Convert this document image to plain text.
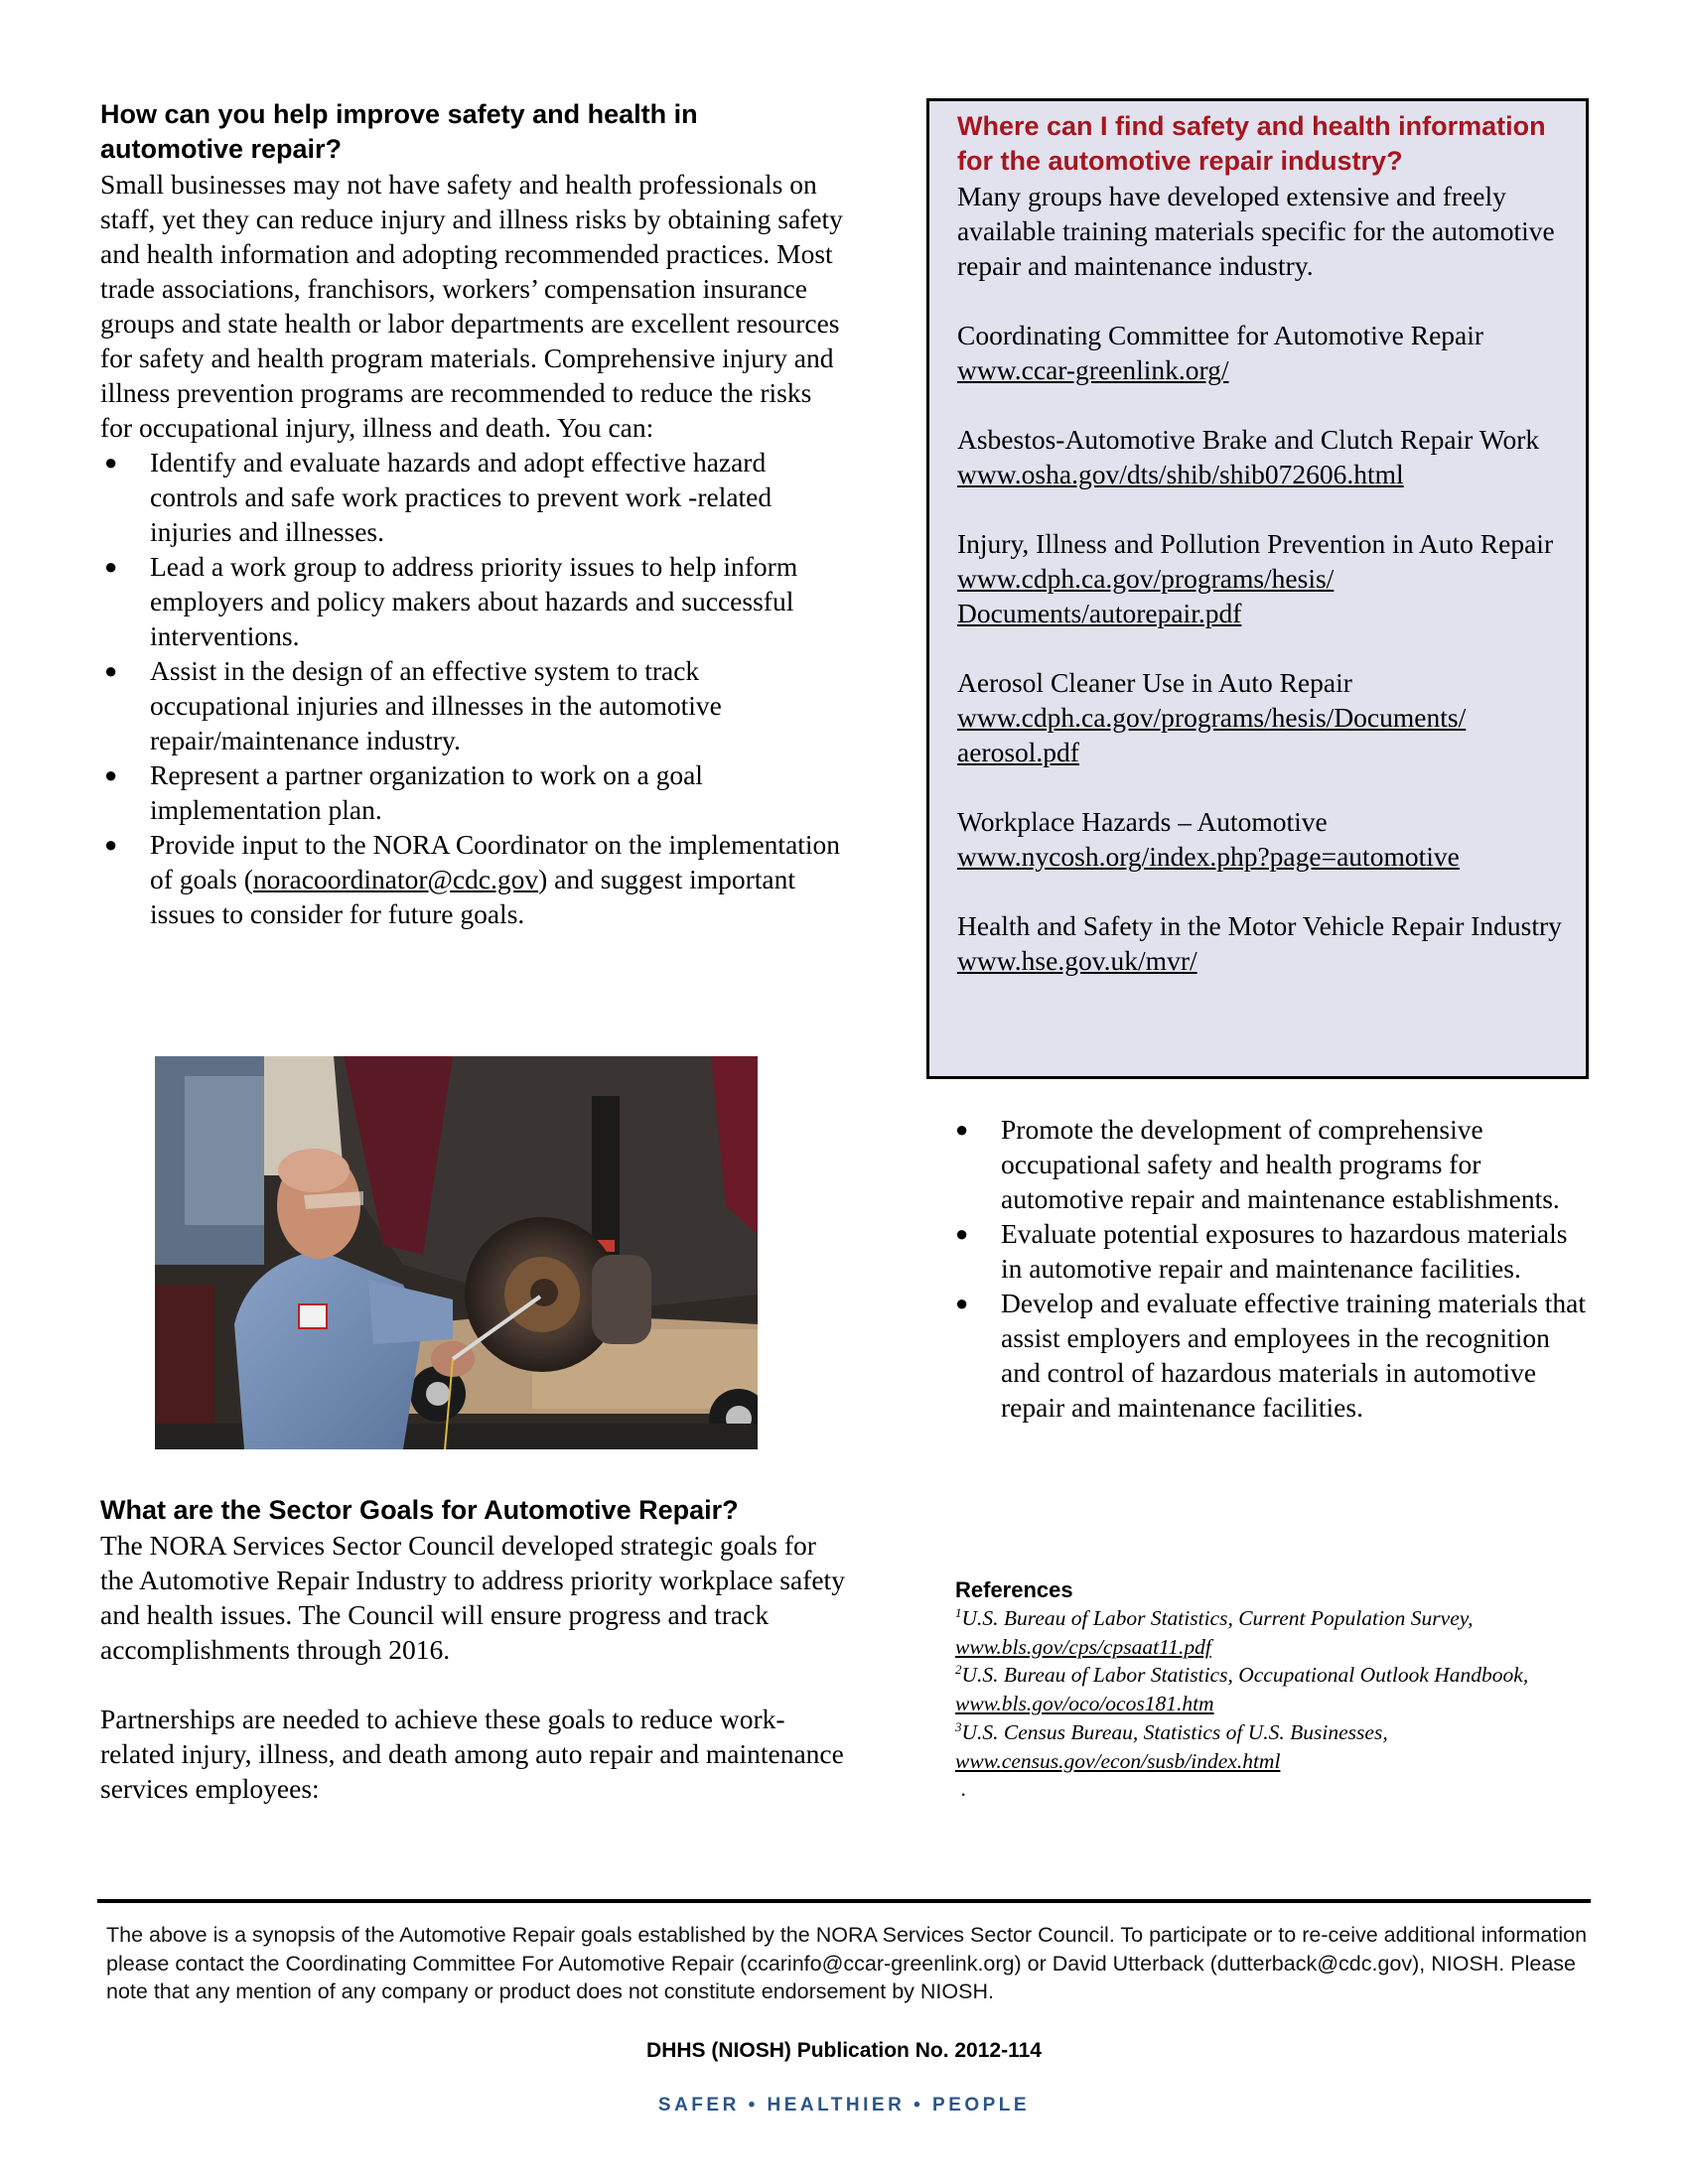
How can you help improve safety and health in automotive repair?

Small businesses may not have safety and health professionals on staff, yet they can reduce injury and illness risks by obtaining safety and health information and adopting recommended practices. Most trade associations, franchisors, workers’ compensation insurance groups and state health or labor departments are excellent resources for safety and health program materials. Comprehensive injury and illness prevention programs are recommended to reduce the risks for occupational injury, illness and death. You can:

● Identify and evaluate hazards and adopt effective hazard controls and safe work practices to prevent work -related injuries and illnesses.
● Lead a work group to address priority issues to help inform employers and policy makers about hazards and successful interventions.
● Assist in the design of an effective system to track occupational injuries and illnesses in the automotive repair/maintenance industry.
● Represent a partner organization to work on a goal implementation plan.
● Provide input to the NORA Coordinator on the implementation of goals (noracoordinator@cdc.gov) and suggest important issues to consider for future goals.
What are the Sector Goals for Automotive Repair?

The NORA Services Sector Council developed strategic goals for the Automotive Repair Industry to address priority workplace safety and health issues. The Council will ensure progress and track accomplishments through 2016.

Partnerships are needed to achieve these goals to reduce work-related injury, illness, and death among auto repair and maintenance services employees:

Where can I find safety and health information for the automotive repair industry?

Many groups have developed extensive and freely available training materials specific for the automotive repair and maintenance industry.

Coordinating Committee for Automotive Repair
www.ccar-greenlink.org/
Asbestos-Automotive Brake and Clutch Repair Work www.osha.gov/dts/shib/shib072606.html
Injury, Illness and Pollution Prevention in Auto Repair www.cdph.ca.gov/programs/hesis/ Documents/autorepair.pdf
Aerosol Cleaner Use in Auto Repair
www.cdph.ca.gov/programs/hesis/Documents/ aerosol.pdf
Workplace Hazards – Automotive
www.nycosh.org/index.php?page=automotive
Health and Safety in the Motor Vehicle Repair Industry www.hse.gov.uk/mvr/
● Promote the development of comprehensive occupational safety and health programs for automotive repair and maintenance establishments.
● Evaluate potential exposures to hazardous materials in automotive repair and maintenance facilities.
● Develop and evaluate effective training materials that assist employers and employees in the recognition and control of hazardous materials in automotive repair and maintenance facilities.
References
$^1$U.S. Bureau of Labor Statistics, Current Population Survey, www.bls.gov/cps/cpsaat11.pdf
$^2$U.S. Bureau of Labor Statistics, Occupational Outlook Handbook, www.bls.gov/oco/ocos181.htm
$^3$U.S. Census Bureau, Statistics of U.S. Businesses, www.census.gov/econ/susb/index.html
.
The above is a synopsis of the Automotive Repair goals established by the NORA Services Sector Council. To participate or to re-ceive additional information please contact the Coordinating Committee For Automotive Repair (ccarinfo@ccar-greenlink.org) or David Utterback (dutterback@cdc.gov), NIOSH. Please note that any mention of any company or product does not constitute endorsement by NIOSH.
DHHS (NIOSH) Publication No. 2012-114
SAFER • HEALTHIER • PEOPLE
